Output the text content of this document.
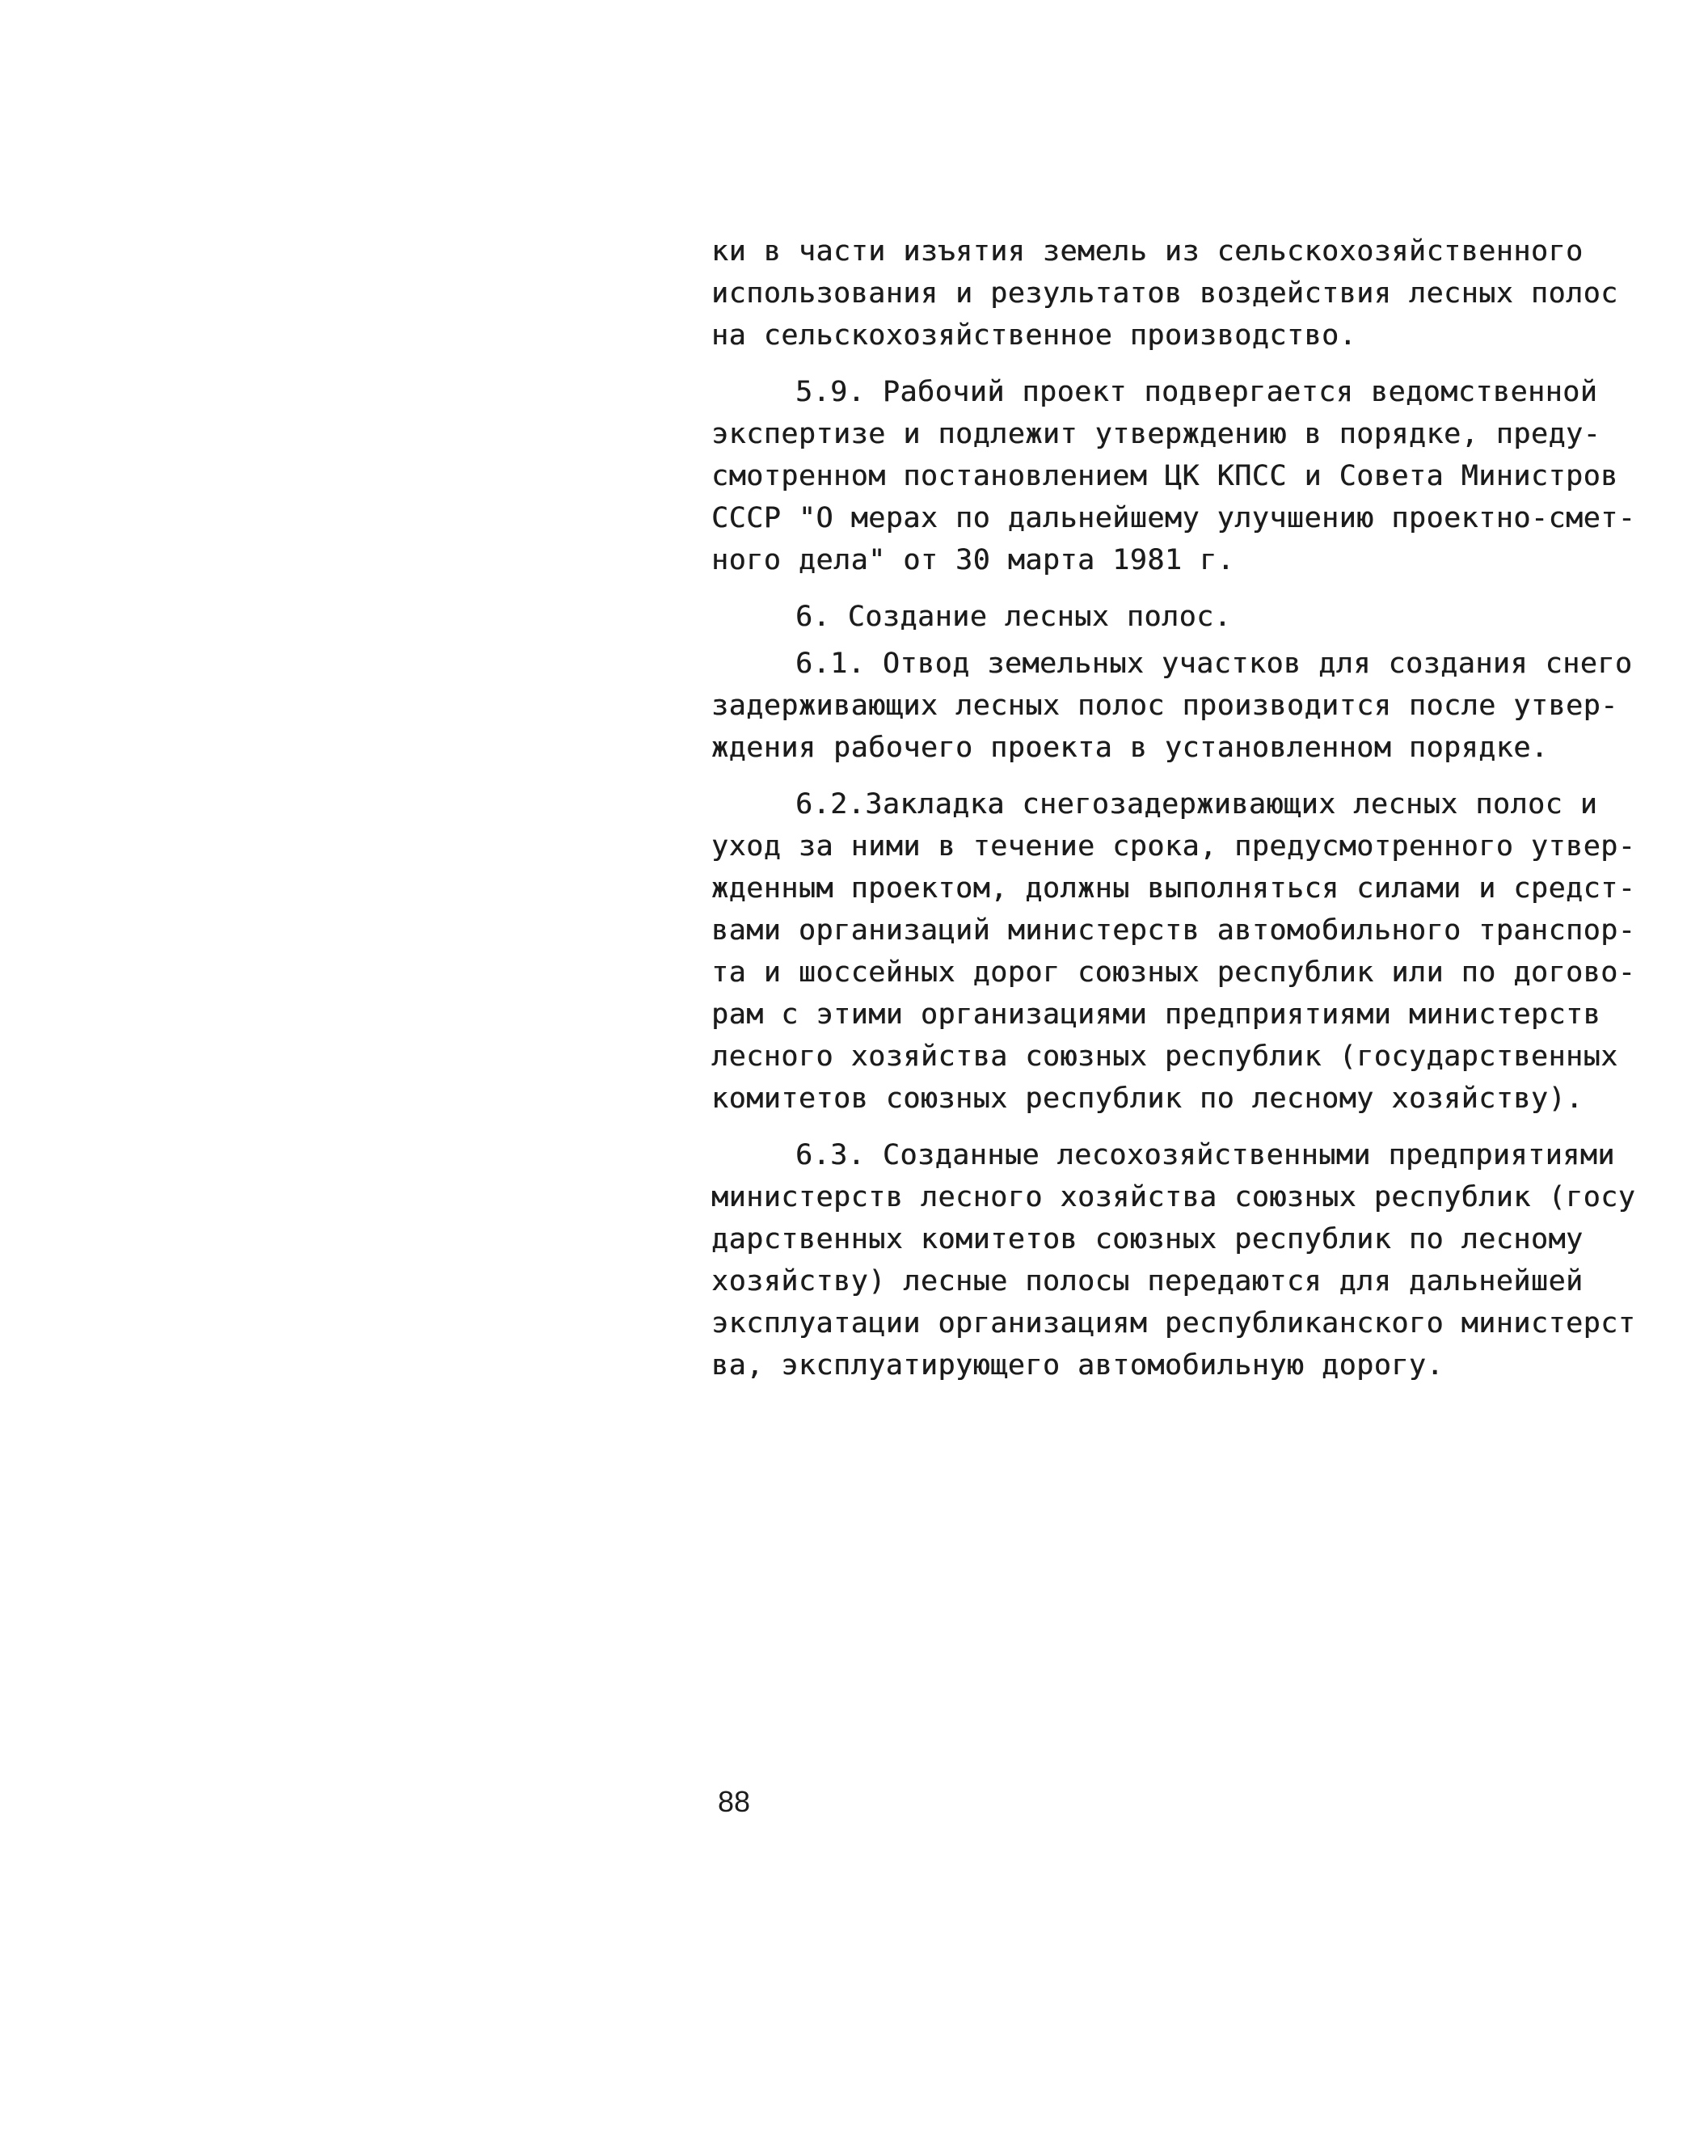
ки в части изъятия земель из сельскохозяйственного
использования и результатов воздействия лесных полос
на сельскохозяйственное производство.
5.9. Рабочий проект подвергается ведомственной
экспертизе и подлежит утверждению в порядке, преду-
смотренном постановлением ЦК КПСС и Совета Министров
СССР "О мерах по дальнейшему улучшению проектно-смет-
ного дела" от 30 марта 1981 г.
6. Создание лесных полос.
6.1. Отвод земельных участков для создания снего
задерживающих лесных полос производится после утвер-
ждения рабочего проекта в установленном порядке.
6.2.Закладка снегозадерживающих лесных полос и
уход за ними в течение срока, предусмотренного утвер-
жденным проектом, должны выполняться силами и средст-
вами организаций министерств автомобильного транспор-
та и шоссейных дорог союзных республик или по догово-
рам с этими организациями предприятиями министерств
лесного хозяйства союзных республик (государственных
комитетов союзных республик по лесному хозяйству).
6.3. Созданные лесохозяйственными предприятиями
министерств лесного хозяйства союзных республик (госу
дарственных комитетов союзных республик по лесному
хозяйству) лесные полосы передаются для дальнейшей
эксплуатации организациям республиканского министерст
ва, эксплуатирующего автомобильную дорогу.
88
